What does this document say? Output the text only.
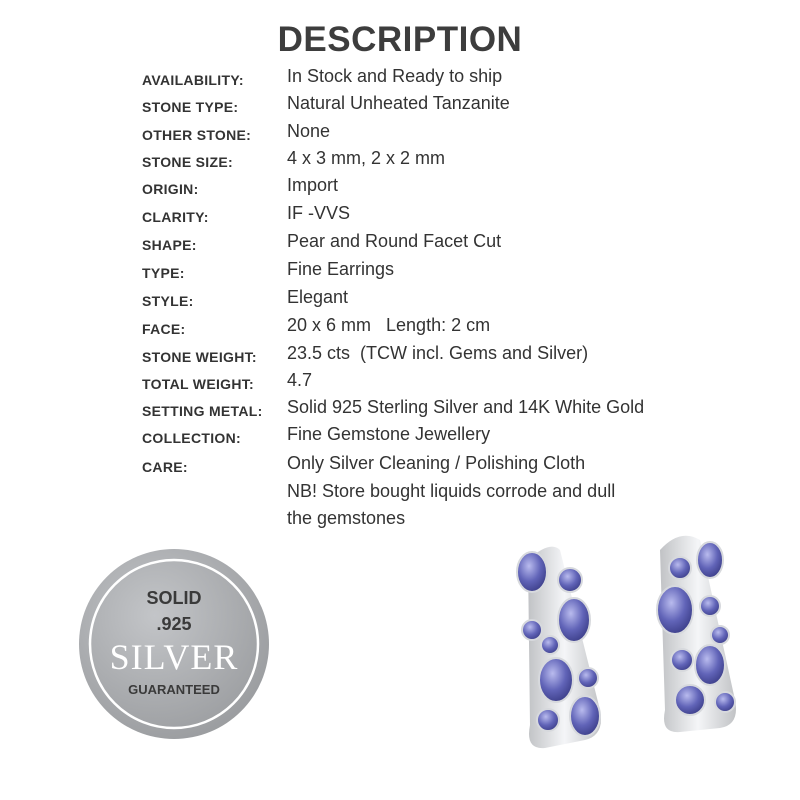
DESCRIPTION
AVAILABILITY: In Stock and Ready to ship
STONE TYPE:	Natural Unheated Tanzanite
OTHER STONE: None
STONE SIZE:	4 x 3 mm, 2 x 2 mm
ORIGIN:	Import
CLARITY:	IF -VVS
SHAPE:	Pear and Round Facet Cut
TYPE:	Fine Earrings
STYLE:	Elegant
FACE:	20 x 6 mm   Length: 2 cm
STONE WEIGHT: 23.5 cts  (TCW incl. Gems and Silver)
TOTAL WEIGHT: 4.7
SETTING METAL: Solid 925 Sterling Silver and 14K White Gold
COLLECTION:	Fine Gemstone Jewellery
CARE:	Only Silver Cleaning / Polishing Cloth
NB! Store bought liquids corrode and dull
the gemstones
SOLID
.925
SILVER
GUARANTEED
